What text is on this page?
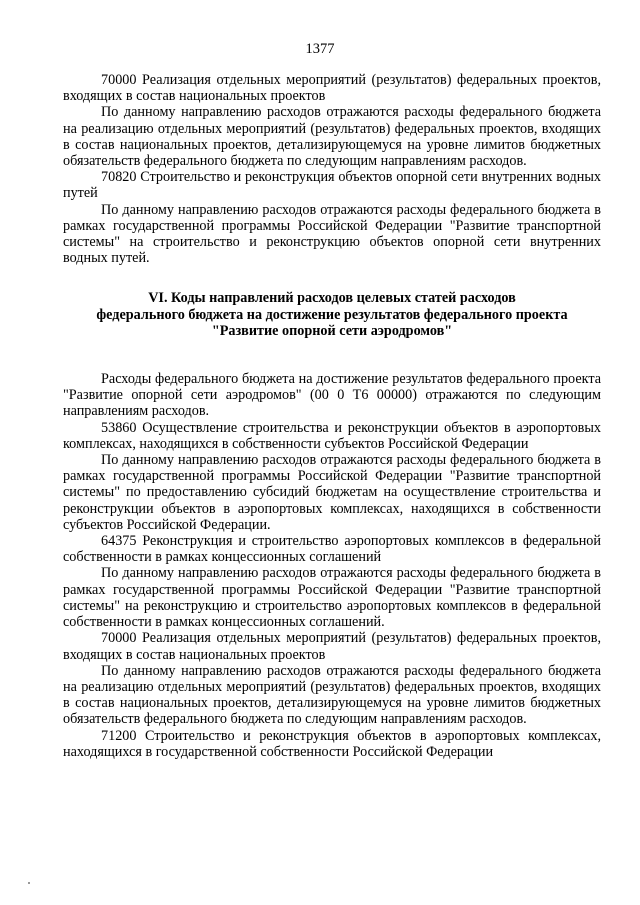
1377

70000 Реализация отдельных мероприятий (результатов) федеральных проектов, входящих в состав национальных проектов

По данному направлению расходов отражаются расходы федерального бюджета на реализацию отдельных мероприятий (результатов) федеральных проектов, входящих в состав национальных проектов, детализирующемуся на уровне лимитов бюджетных обязательств федерального бюджета по следующим направлениям расходов.

70820 Строительство и реконструкция объектов опорной сети внутренних водных путей

По данному направлению расходов отражаются расходы федерального бюджета в рамках государственной программы Российской Федерации "Развитие транспортной системы" на строительство и реконструкцию объектов опорной сети внутренних водных путей.

VI. Коды направлений расходов целевых статей расходов
федерального бюджета на достижение результатов федерального проекта
"Развитие опорной сети аэродромов"

Расходы федерального бюджета на достижение результатов федерального проекта "Развитие опорной сети аэродромов" (00 0 Т6 00000) отражаются по следующим направлениям расходов.

53860 Осуществление строительства и реконструкции объектов в аэропортовых комплексах, находящихся в собственности субъектов Российской Федерации

По данному направлению расходов отражаются расходы федерального бюджета в рамках государственной программы Российской Федерации "Развитие транспортной системы" по предоставлению субсидий бюджетам на осуществление строительства и реконструкции объектов в аэропортовых комплексах, находящихся в собственности субъектов Российской Федерации.

64375 Реконструкция и строительство аэропортовых комплексов в федеральной собственности в рамках концессионных соглашений

По данному направлению расходов отражаются расходы федерального бюджета в рамках государственной программы Российской Федерации "Развитие транспортной системы" на реконструкцию и строительство аэропортовых комплексов в федеральной собственности в рамках концессионных соглашений.

70000 Реализация отдельных мероприятий (результатов) федеральных проектов, входящих в состав национальных проектов

По данному направлению расходов отражаются расходы федерального бюджета на реализацию отдельных мероприятий (результатов) федеральных проектов, входящих в состав национальных проектов, детализирующемуся на уровне лимитов бюджетных обязательств федерального бюджета по следующим направлениям расходов.

71200 Строительство и реконструкция объектов в аэропортовых комплексах, находящихся в государственной собственности Российской Федерации
